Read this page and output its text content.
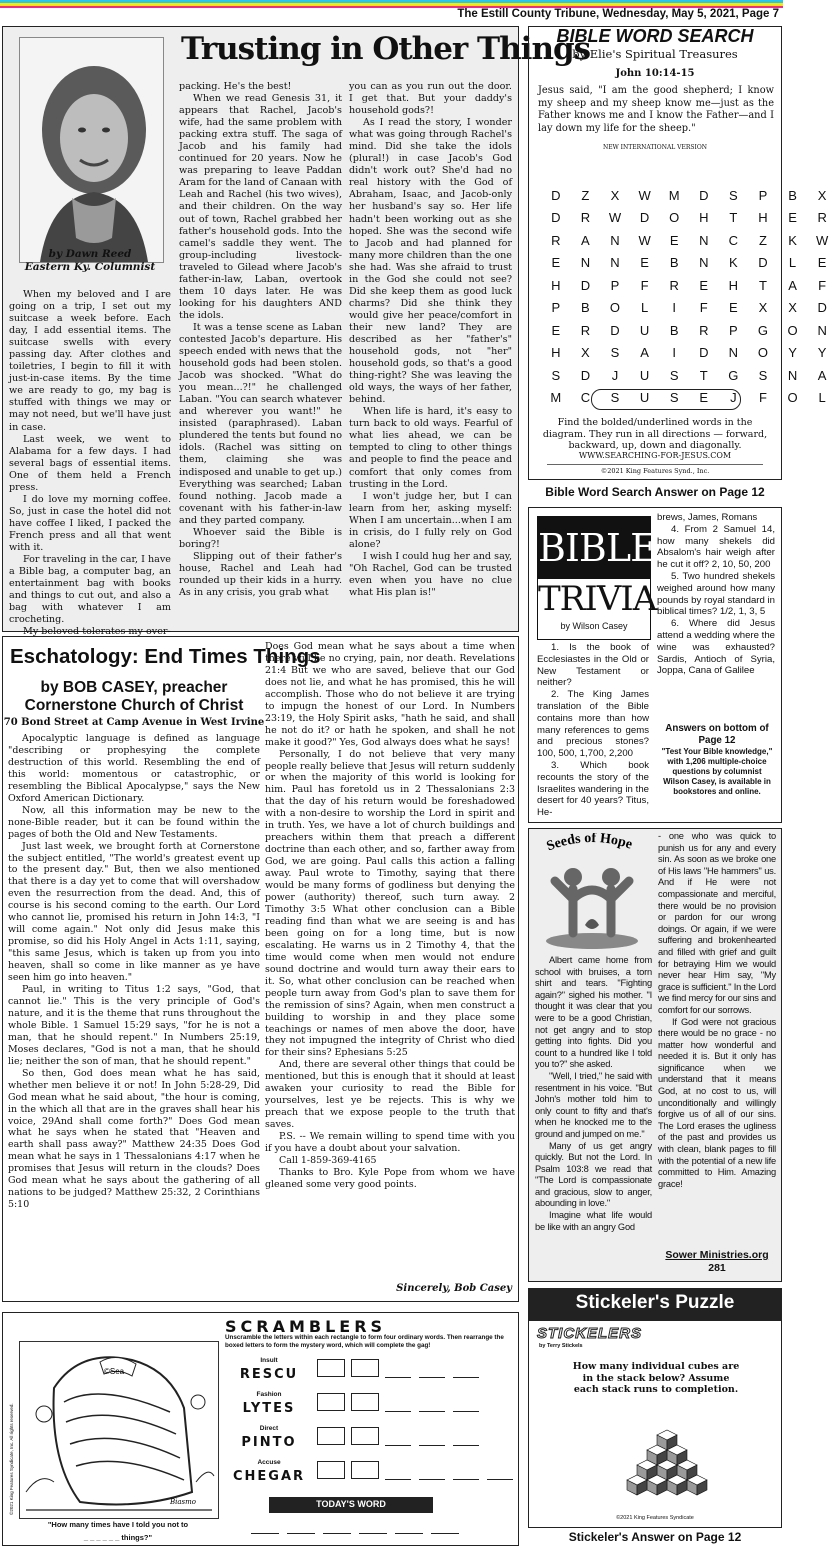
The Estill County Tribune, Wednesday, May 5, 2021, Page 7
by Dawn Reed
Eastern Ky. Columnist
Trusting in Other Things

When my beloved and I are going on a trip, I set out my suitcase a week before. Each day, I add essential items. The suitcase swells with every passing day. After clothes and toiletries, I begin to fill it with just-in-case items. By the time we are ready to go, my bag is stuffed with things we may or may not need, but we'll have just in case.

Last week, we went to Alabama for a few days. I had several bags of essential items. One of them held a French press.

I do love my morning coffee. So, just in case the hotel did not have coffee I liked, I packed the French press and all that went with it.

For traveling in the car, I have a Bible bag, a computer bag, an entertainment bag with books and things to cut out, and also a bag with whatever I am crocheting.

My beloved tolerates my over-

packing. He's the best!

When we read Genesis 31, it appears that Rachel, Jacob's wife, had the same problem with packing extra stuff. The saga of Jacob and his family had continued for 20 years. Now he was preparing to leave Paddan Aram for the land of Canaan with Leah and Rachel (his two wives), and their children. On the way out of town, Rachel grabbed her father's household gods. Into the camel's saddle they went. The group-including livestock-traveled to Gilead where Jacob's father-in-law, Laban, overtook them 10 days later. He was looking for his daughters AND the idols.

It was a tense scene as Laban contested Jacob's departure. His speech ended with news that the household gods had been stolen. Jacob was shocked. "What do you mean...?!" he challenged Laban. "You can search whatever and wherever you want!" he insisted (paraphrased). Laban plundered the tents but found no idols. (Rachel was sitting on them, claiming she was indisposed and unable to get up.) Everything was searched; Laban found nothing. Jacob made a covenant with his father-in-law and they parted company.

Whoever said the Bible is boring?!

Slipping out of their father's house, Rachel and Leah had rounded up their kids in a hurry. As in any crisis, you grab what

you can as you run out the door. I get that. But your daddy's household gods?!

As I read the story, I wonder what was going through Rachel's mind. Did she take the idols (plural!) in case Jacob's God didn't work out? She'd had no real history with the God of Abraham, Isaac, and Jacob-only her husband's say so. Her life hadn't been working out as she hoped. She was the second wife to Jacob and had planned for many more children than the one she had. Was she afraid to trust in the God she could not see? Did she keep them as good luck charms? Did she think they would give her peace/comfort in their new land? They are described as her "father's" household gods, not "her" household gods, so that's a good thing-right? She was leaving the old ways, the ways of her father, behind.

When life is hard, it's easy to turn back to old ways. Fearful of what lies ahead, we can be tempted to cling to other things and people to find the peace and comfort that only comes from trusting in the Lord.

I won't judge her, but I can learn from her, asking myself: When I am uncertain...when I am in crisis, do I fully rely on God alone?

I wish I could hug her and say, "Oh Rachel, God can be trusted even when you have no clue what His plan is!"

BIBLE WORD SEARCH
by Elie's Spiritual Treasures
John 10:14-15
Jesus said, "I am the good shepherd; I know my sheep and my sheep know me—just as the Father knows me and I know the Father—and I lay down my life for the sheep."
NEW INTERNATIONAL VERSION
D	Z	X	W	M	D	S	P	B	X
D	R	W	D	O	H	T	H	E	R
R	A	N	W	E	N	C	Z	K	W
E	N	N	E	B	N	K	D	L	E
H	D	P	F	R	E	H	T	A	F
P	B	O	L	I	F	E	X	X	D
E	R	D	U	B	R	P	G	O	N
H	X	S	A	I	D	N	O	Y	Y
S	D	J	U	S	T	G	S	N	A
M	C	S	U	S	E	J	F	O	L
Find the bolded/underlined words in the diagram. They run in all directions — forward, backward, up, down and diagonally.
WWW.SEARCHING-FOR-JESUS.COM
©2021 King Features Synd., Inc.
Bible Word Search Answer on Page 12
BIBLE
TRIVIA
by Wilson Casey

1. Is the book of Ecclesiastes in the Old or New Testament or neither?

2. The King James translation of the Bible contains more than how many references to gems and precious stones? 100, 500, 1,700, 2,200

3. Which book recounts the story of the Israelites wandering in the desert for 40 years? Titus, He-

brews, James, Romans

4. From 2 Samuel 14, how many shekels did Absalom's hair weigh after he cut it off? 2, 10, 50, 200

5. Two hundred shekels weighed around how many pounds by royal standard in biblical times? 1/2, 1, 3, 5

6. Where did Jesus attend a wedding where the wine was exhausted? Sardis, Antioch of Syria, Joppa, Cana of Galilee

Answers on bottom of Page 12
"Test Your Bible knowledge," with 1,206 multiple-choice questions by columnist Wilson Casey, is available in bookstores and online.
Eschatology: End Times Things
by BOB CASEY, preacher
Cornerstone Church of Christ
70 Bond Street at Camp Avenue in West Irvine

Apocalyptic language is defined as language "describing or prophesying the complete destruction of this world. Resembling the end of this world: momentous or catastrophic, or resembling the Biblical Apocalypse," says the New Oxford American Dictionary.

Now, all this information may be new to the none-Bible reader, but it can be found within the pages of both the Old and New Testaments.

Just last week, we brought forth at Cornerstone the subject entitled, "The world's greatest event up to the present day." But, then we also mentioned that there is a day yet to come that will overshadow even the resurrection from the dead. And, this of course is his second coming to the earth. Our Lord who cannot lie, promised his return in John 14:3, "I will come again." Not only did Jesus make this promise, so did his Holy Angel in Acts 1:11, saying, "this same Jesus, which is taken up from you into heaven, shall so come in like manner as ye have seen him go into heaven."

Paul, in writing to Titus 1:2 says, "God, that cannot lie." This is the very principle of God's nature, and it is the theme that runs throughout the whole Bible. 1 Samuel 15:29 says, "for he is not a man, that he should repent." In Numbers 25:19, Moses declares, "God is not a man, that he should lie; neither the son of man, that he should repent."

So then, God does mean what he has said, whether men believe it or not! In John 5:28-29, Did God mean what he said about, "the hour is coming, in the which all that are in the graves shall hear his voice, 29And shall come forth?" Does God mean what he says when he stated that "Heaven and earth shall pass away?" Matthew 24:35 Does God mean what he says in 1 Thessalonians 4:17 when he promises that Jesus will return in the clouds? Does God mean what he says about the gathering of all nations to be judged? Matthew 25:32, 2 Corinthians 5:10

Does God mean what he says about a time when there will be no crying, pain, nor death. Revelations 21:4 But we who are saved, believe that our God does not lie, and what he has promised, this he will accomplish. Those who do not believe it are trying to impugn the honest of our Lord. In Numbers 23:19, the Holy Spirit asks, "hath he said, and shall he not do it? or hath he spoken, and shall he not make it good?" Yes, God always does what he says!

Personally, I do not believe that very many people really believe that Jesus will return suddenly or when the majority of this world is looking for him. Paul has foretold us in 2 Thessalonians 2:3 that the day of his return would be foreshadowed with a non-desire to worship the Lord in spirit and in truth. Yes, we have a lot of church buildings and preachers within them that preach a different doctrine than each other, and so, farther away from God, we are going. Paul calls this action a falling away. Paul wrote to Timothy, saying that there would be many forms of godliness but denying the power (authority) thereof, such turn away. 2 Timothy 3:5 What other conclusion can a Bible reading find than what we are seeing is and has been going on for a long time, but is now escalating. He warns us in 2 Timothy 4, that the time would come when men would not endure sound doctrine and would turn away their ears to it. So, what other conclusion can be reached when people turn away from God's plan to save them for the remission of sins? Again, when men construct a building to worship in and they place some teachings or names of men above the door, have they not impugned the integrity of Christ who died for their sins? Ephesians 5:25

And, there are several other things that could be mentioned, but this is enough that it should at least awaken your curiosity to read the Bible for yourselves, lest ye be rejects. This is why we preach that we expose people to the truth that saves.

P.S. -- We remain willing to spend time with you if you have a doubt about your salvation.

Call 1-859-369-4165

Thanks to Bro. Kyle Pope from whom we have gleaned some very good points.

Sincerely, Bob Casey
Seeds of Hope

Albert came home from school with bruises, a torn shirt and tears. "Fighting again?" sighed his mother. "I thought it was clear that you were to be a good Christian, not get angry and to stop getting into fights. Did you count to a hundred like I told you to?" she asked.

"Well, I tried," he said with resentment in his voice. "But John's mother told him to only count to fifty and that's when he knocked me to the ground and jumped on me."

Many of us get angry quickly. But not the Lord. In Psalm 103:8 we read that "The Lord is compassionate and gracious, slow to anger, abounding in love."

Imagine what life would be like with an angry God

- one who was quick to punish us for any and every sin. As soon as we broke one of His laws "He hammers" us. And if He were not compassionate and merciful, there would be no provision or pardon for our wrong doings. Or again, if we were suffering and brokenhearted and filled with grief and guilt for betraying Him we would never hear Him say, "My grace is sufficient." In the Lord we find mercy for our sins and comfort for our sorrows.

If God were not gracious there would be no grace - no matter how wonderful and needed it is. But it only has significance when we understand that it means God, at no cost to us, will unconditionally and willingly forgive us of all of our sins. The Lord erases the ugliness of the past and provides us with clean, blank pages to fill with the potential of a new life committed to Him. Amazing grace!

Sower Ministries.org
281
©Sea
Biasmo
©2021 King Features Syndicate, Inc. All rights reserved.
"How many times have I told you not to
_ _ _ _ _ _ things?"
SCRAMBLERS
Unscramble the letters within each rectangle to form four ordinary words. Then rearrange the boxed letters to form the mystery word, which will complete the gag!
Insult
RESCU
Fashion
LYTES
Direct
PINTO
Accuse
CHEGAR
TODAY'S WORD
Stickeler's Puzzle
STICKELERS
by Terry Stickels
How many individual cubes are in the stack below? Assume each stack runs to completion.
©2021 King Features Syndicate
Stickeler's Answer on Page 12
